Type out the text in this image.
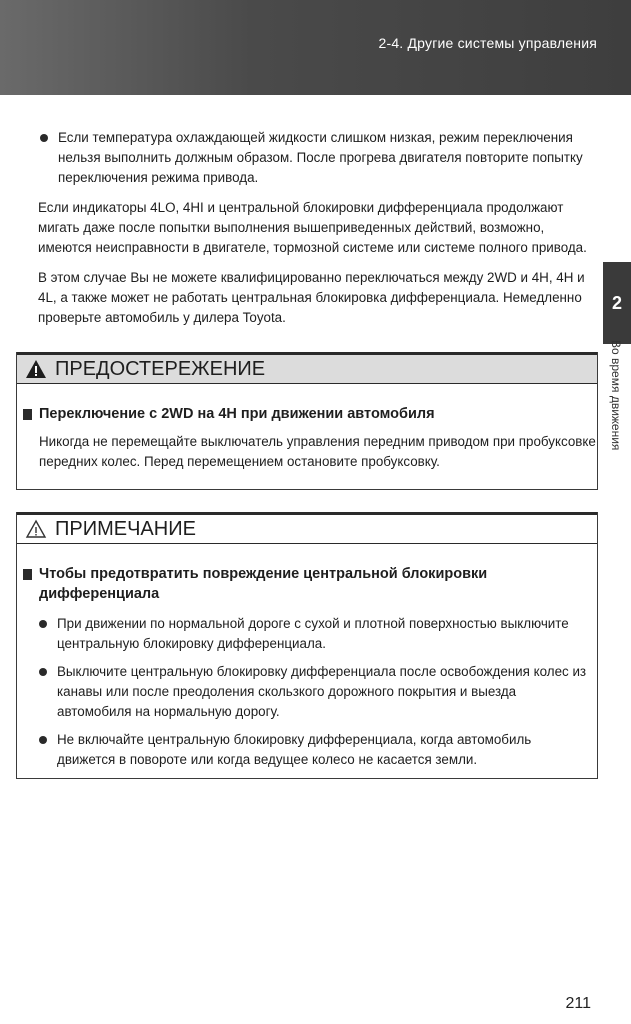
2-4. Другие системы управления
2
Во время движения
Если температура охлаждающей жидкости слишком низкая, режим переключения нельзя выполнить должным образом. После прогрева двигателя повторите попытку переключения режима привода.

Если индикаторы 4LO, 4HI и центральной блокировки дифференциала продолжают мигать даже после попытки выполнения вышеприведенных действий, возможно, имеются неисправности в двигателе, тормозной системе или системе полного привода.

В этом случае Вы не можете квалифицированно переключаться между 2WD и 4H, 4H и 4L, а также может не работать центральная блокировка дифференциала. Немедленно проверьте автомобиль у дилера Toyota.

ПРЕДОСТЕРЕЖЕНИЕ

Переключение с 2WD на 4H при движении автомобиля

Никогда не перемещайте выключатель управления передним приводом при пробуксовке передних колес. Перед перемещением остановите пробуксовку.

ПРИМЕЧАНИЕ

Чтобы предотвратить повреждение центральной блокировки дифференциала

При движении по нормальной дороге с сухой и плотной поверхностью выключите центральную блокировку дифференциала.
Выключите центральную блокировку дифференциала после освобождения колес из канавы или после преодоления скользкого дорожного покрытия и выезда автомобиля на нормальную дорогу.
Не включайте центральную блокировку дифференциала, когда автомобиль движется в повороте или когда ведущее колесо не касается земли.
211
